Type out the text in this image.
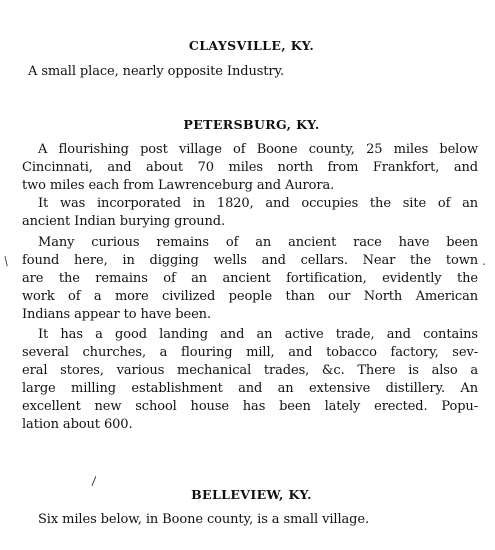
CLAYSVILLE, KY.
A small place, nearly opposite Industry.
PETERSBURG, KY.
A flourishing post village of Boone county, 25 miles below
Cincinnati, and about 70 miles north from Frankfort, and
two miles each from Lawrenceburg and Aurora.
It was incorporated in 1820, and occupies the site of an
ancient Indian burying ground.
Many curious remains of an ancient race have been
found here, in digging wells and cellars. Near the town
are the remains of an ancient fortification, evidently the
work of a more civilized people than our North American
Indians appear to have been.
It has a good landing and an active trade, and contains
several churches, a flouring mill, and tobacco factory, sev-
eral stores, various mechanical trades, &c. There is also a
large milling establishment and an extensive distillery. An
excellent new school house has been lately erected. Popu-
lation about 600.
BELLEVIEW, KY.
Six miles below, in Boone county, is a small village.
/	.
\
